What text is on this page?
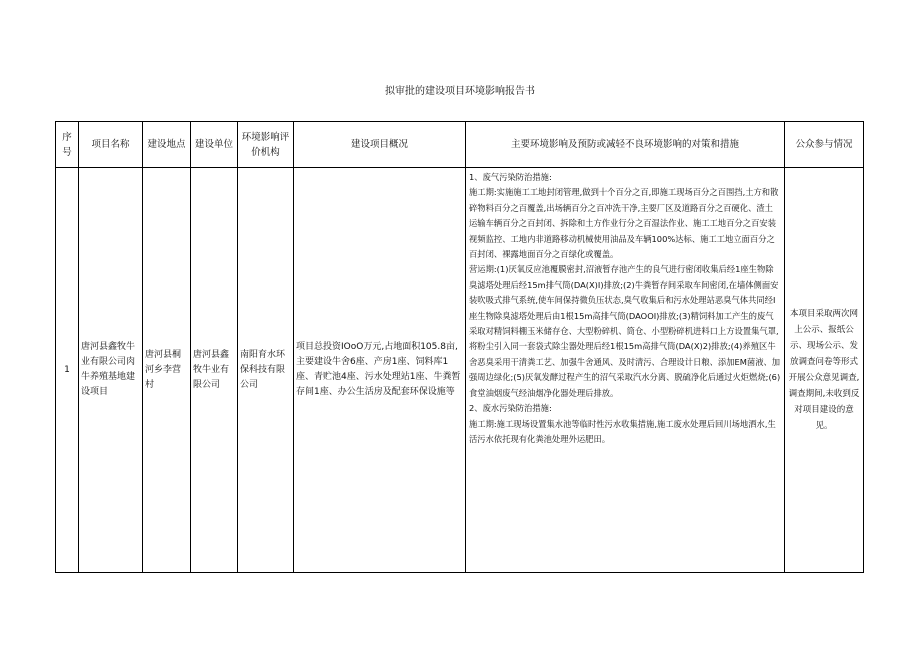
拟审批的建设项目环境影响报告书
序号	项目名称	建设地点	建设单位	环境影响评价机构	建设项目概况	主要环境影响及预防或减轻不良环境影响的对策和措施	公众参与情况
1	唐河县鑫牧牛业有限公司肉牛养殖基地建设项目	唐河县桐河乡李营村	唐河县鑫牧牛业有限公司	南阳育水环保科技有限公司	项目总投资IOoO万元,占地面积105.8亩,主要建设牛舍6座、产房1座、饲料库1座、青贮池4座、污水处理站1座、牛粪暂存间1座、办公生活房及配套环保设施等	1、废气污染防治措施:

施工期:实施施工工地封闭管理,做到十个百分之百,即施工现场百分之百围挡,土方和散碎物料百分之百覆盖,出场辆百分之百冲洗干净,主要厂区及道路百分之百硬化、渣土运输车辆百分之百封闭、拆除和土方作业行分之百湿法作业、施工工地百分之百安装视频监控、工地内非道路移动机械使用油品及车辆100%达标、施工工地立面百分之百封闭、裸露地面百分之百绿化或覆盖。

营运期:(1)厌氧反应池覆膜密封,沼液暂存池产生的良气进行密闭收集后经1座生物除臭滤塔处理后经15m排气筒(DA(X)I)排放;(2)牛粪暂存间采取车间密闭,在墙体侧面安装吹吸式排气系统,使车间保持微负压状态,臭气收集后和污水处理站恶臭气体共同经I座生物除臭滤塔处理后由1根15m高排气筒(DAOOI)排放;(3)精饲料加工产生的废气采取对精饲料棚玉米储存仓、大型粉碎机、筒仓、小型粉碎机进料口上方设置集气罩,将粉尘引入同一套袋式除尘器处理后经1根15m高排气筒(DA(X)2)排放;(4)养殖区牛舍恶臭采用干清粪工艺、加强牛舍通风、及时清污、合理设计日粮、添加EM菌液、加强周边绿化;(5)厌氧发酵过程产生的沼气采取汽水分离、脱硫净化后通过火炬燃烧;(6)食堂油烟废气经油烟净化器处理后排放。

2、废水污染防治措施:

施工期:施工现场设置集水池等临时性污水收集措施,施工废水处理后回川场地洒水,生活污水依托现有化粪池处理外运肥田。	本项目采取两次网上公示、报纸公示、现场公示、发放调查问卷等形式开展公众意见调查,调查期间,未收到反对项目建设的意见。
